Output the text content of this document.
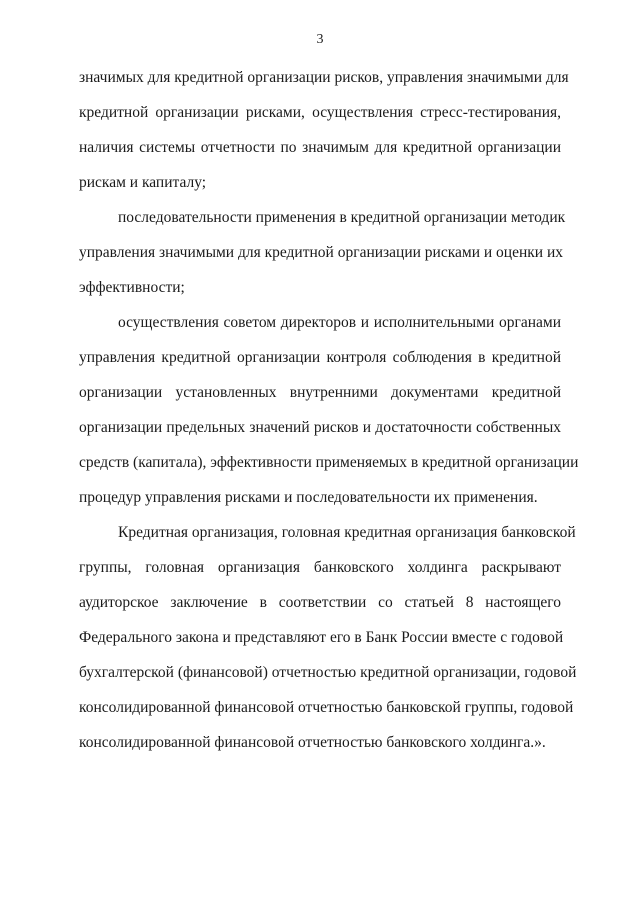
3
значимых для кредитной организации рисков, управления значимыми для
кредитной организации рисками, осуществления стресс-тестирования,
наличия системы отчетности по значимым для кредитной организации
рискам и капиталу;
последовательности применения в кредитной организации методик
управления значимыми для кредитной организации рисками и оценки их
эффективности;
осуществления советом директоров и исполнительными органами
управления кредитной организации контроля соблюдения в кредитной
организации установленных внутренними документами кредитной
организации предельных значений рисков и достаточности собственных
средств (капитала), эффективности применяемых в кредитной организации
процедур управления рисками и последовательности их применения.
Кредитная организация, головная кредитная организация банковской
группы, головная организация банковского холдинга раскрывают
аудиторское заключение в соответствии со статьей 8 настоящего
Федерального закона и представляют его в Банк России вместе с годовой
бухгалтерской (финансовой) отчетностью кредитной организации, годовой
консолидированной финансовой отчетностью банковской группы, годовой
консолидированной финансовой отчетностью банковского холдинга.».
